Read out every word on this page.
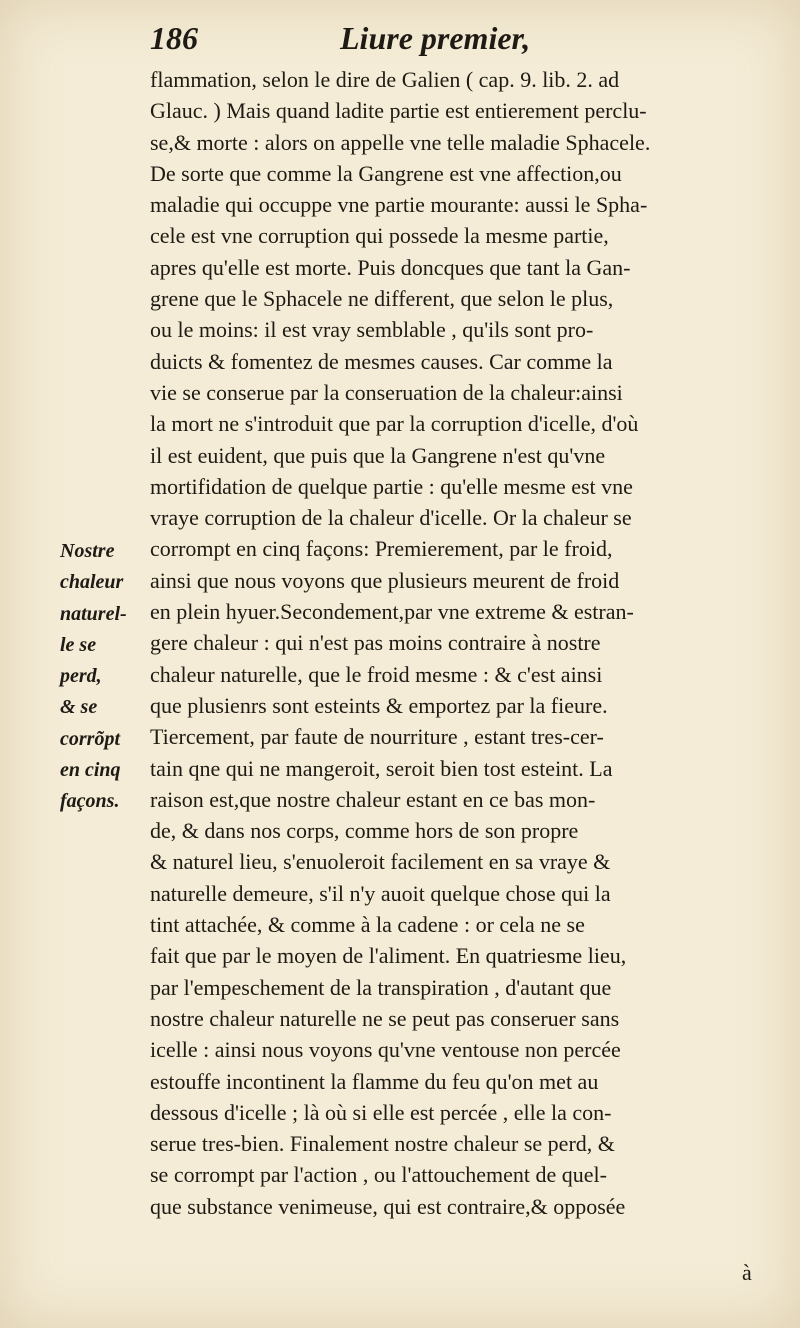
186	Liure premier,
Nostre
chaleur
naturel-
le se
perd,
& se
corrõpt
en cinq
façons.
flammation, selon le dire de Galien ( cap. 9. lib. 2. ad
Glauc. ) Mais quand ladite partie est entierement perclu-
se,& morte : alors on appelle vne telle maladie Sphacele.
De sorte que comme la Gangrene est vne affection,ou
maladie qui occuppe vne partie mourante: aussi le Spha-
cele est vne corruption qui possede la mesme partie,
apres qu'elle est morte. Puis doncques que tant la Gan-
grene que le Sphacele ne different, que selon le plus,
ou le moins: il est vray semblable , qu'ils sont pro-
duicts & fomentez de mesmes causes. Car comme la
vie se conserue par la conseruation de la chaleur:ainsi
la mort ne s'introduit que par la corruption d'icelle, d'où
il est euident, que puis que la Gangrene n'est qu'vne
mortifidation de quelque partie : qu'elle mesme est vne
vraye corruption de la chaleur d'icelle. Or la chaleur se
corrompt en cinq façons: Premierement, par le froid,
ainsi que nous voyons que plusieurs meurent de froid
en plein hyuer.Secondement,par vne extreme & estran-
gere chaleur : qui n'est pas moins contraire à nostre
chaleur naturelle, que le froid mesme : & c'est ainsi
que plusienrs sont esteints & emportez par la fieure.
Tiercement, par faute de nourriture , estant tres-cer-
tain qne qui ne mangeroit, seroit bien tost esteint. La
raison est,que nostre chaleur estant en ce bas mon-
de, & dans nos corps, comme hors de son propre
& naturel lieu, s'enuoleroit facilement en sa vraye &
naturelle demeure, s'il n'y auoit quelque chose qui la
tint attachée, & comme à la cadene : or cela ne se
fait que par le moyen de l'aliment. En quatriesme lieu,
par l'empeschement de la transpiration , d'autant que
nostre chaleur naturelle ne se peut pas conseruer sans
icelle : ainsi nous voyons qu'vne ventouse non percée
estouffe incontinent la flamme du feu qu'on met au
dessous d'icelle ; là où si elle est percée , elle la con-
serue tres-bien. Finalement nostre chaleur se perd, &
se corrompt par l'action , ou l'attouchement de quel-
que substance venimeuse, qui est contraire,& opposée
à
